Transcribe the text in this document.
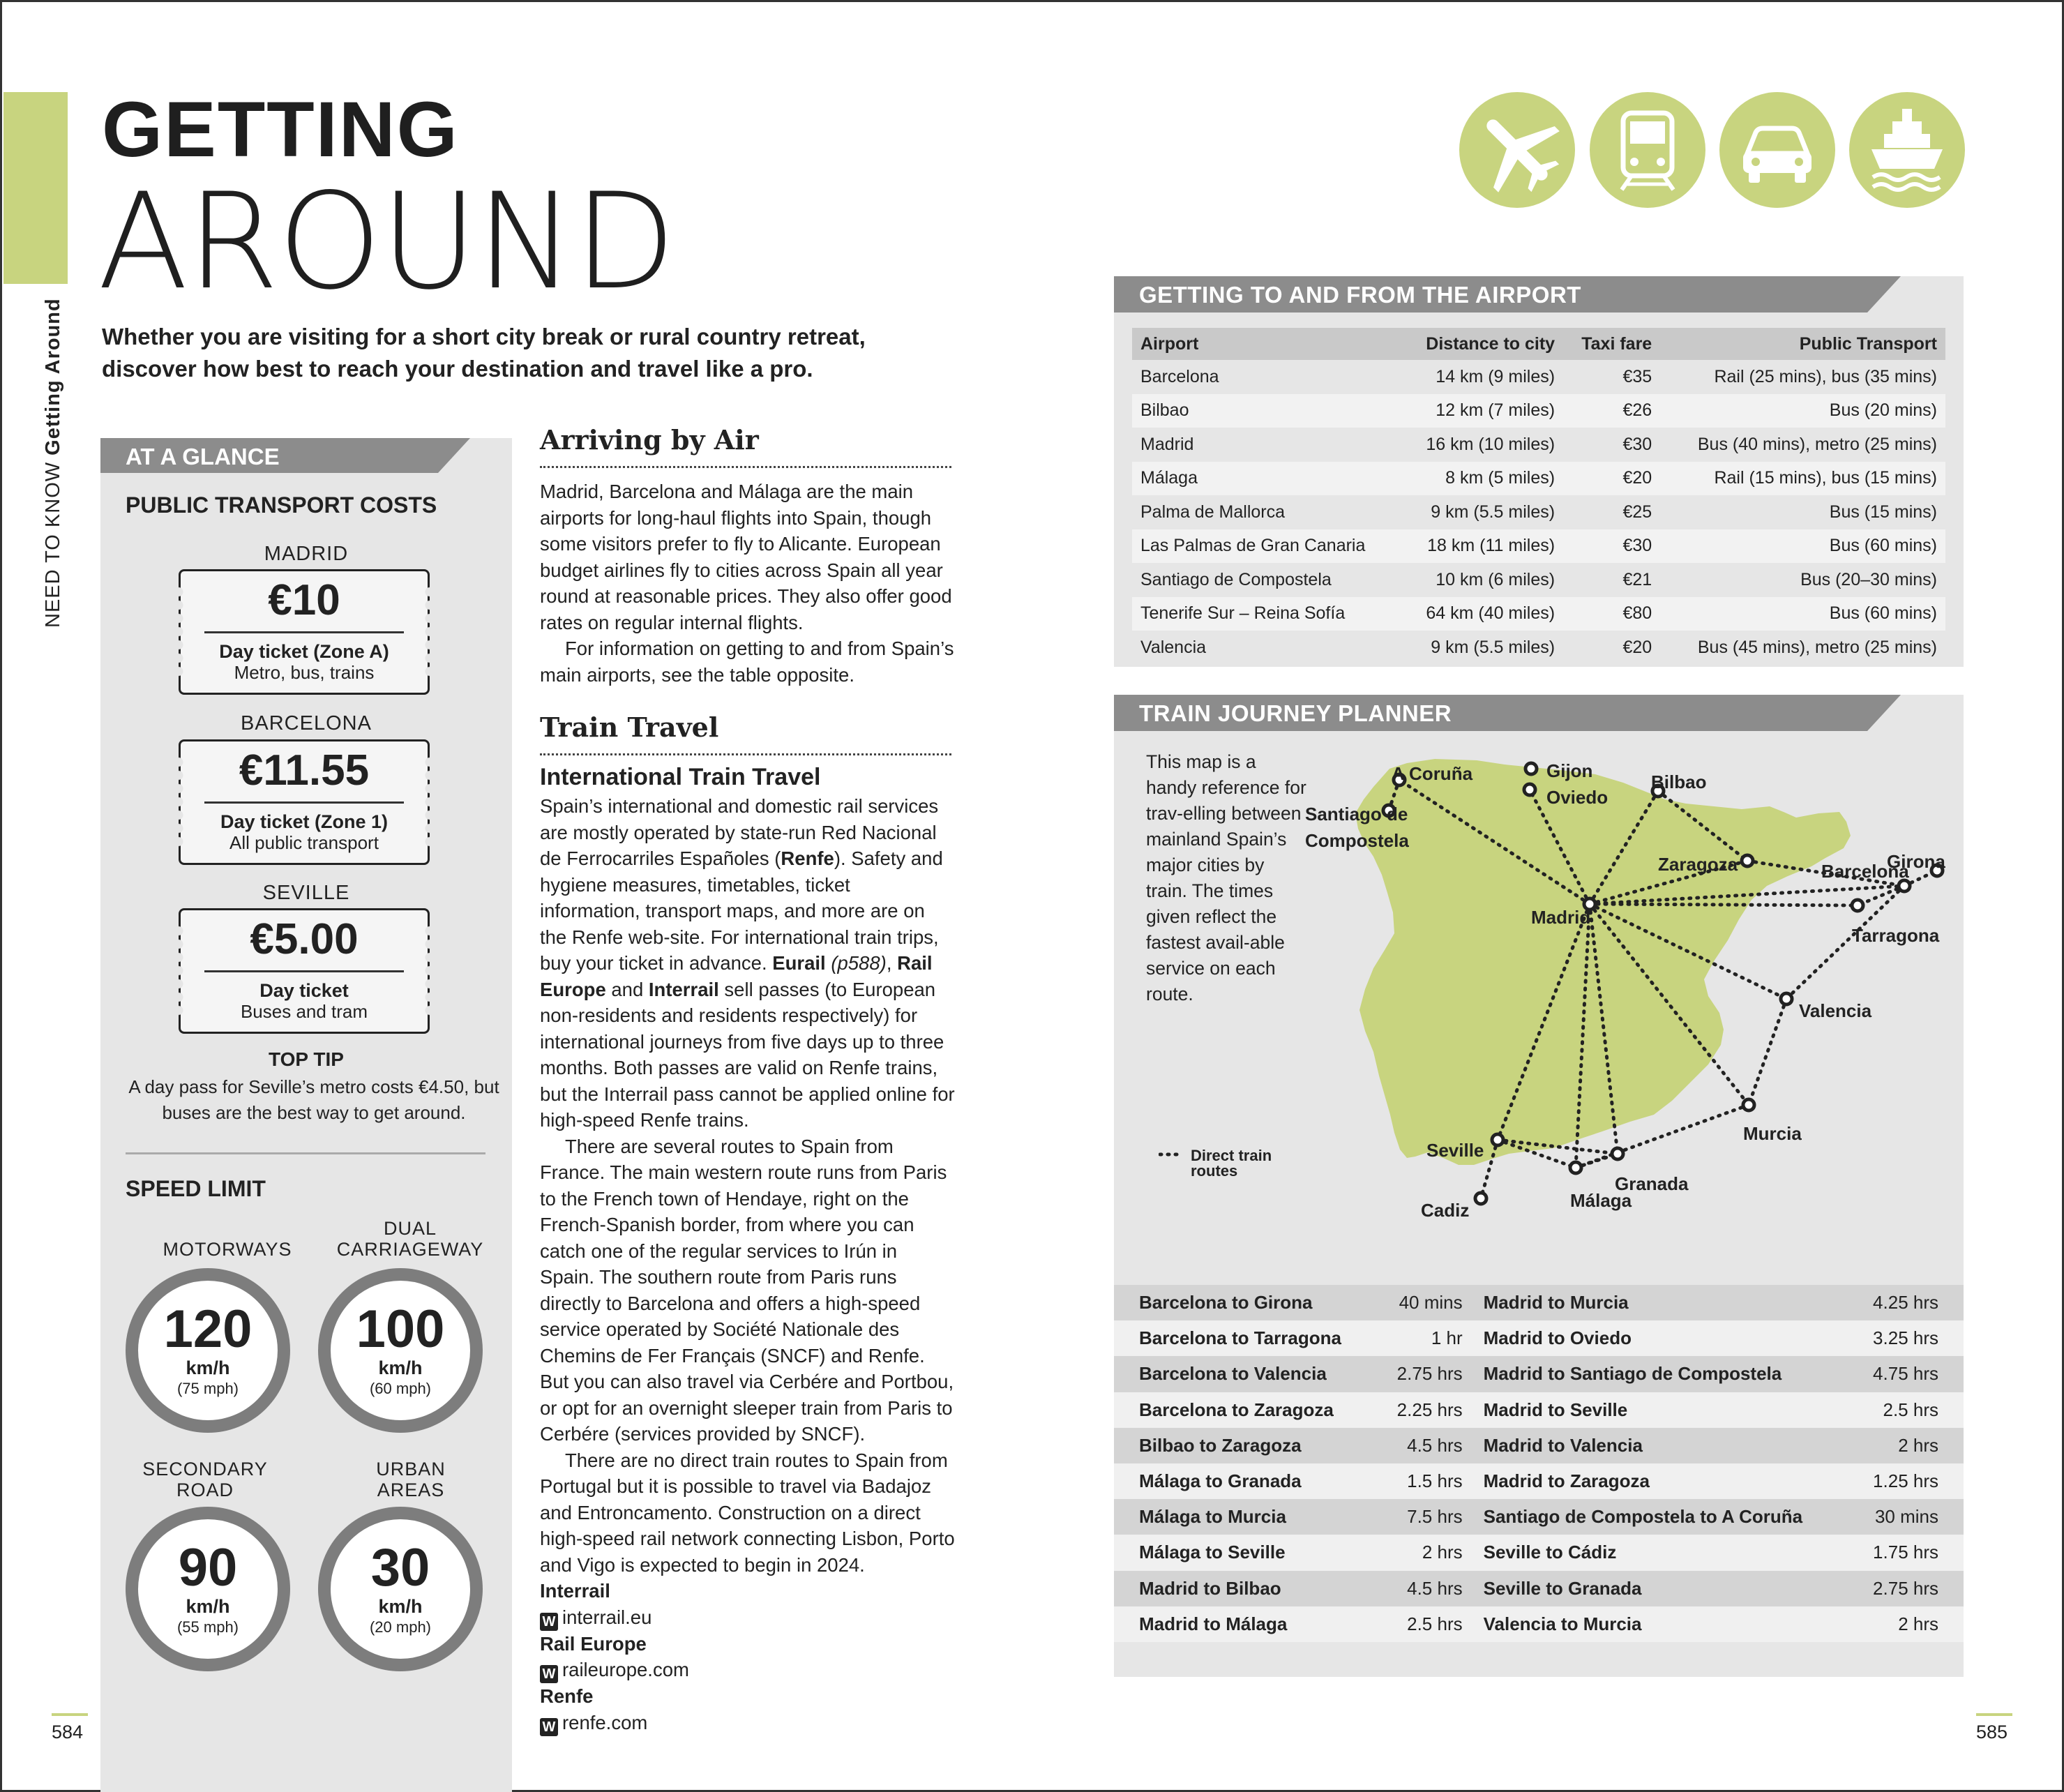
NEED TO KNOW Getting Around
GETTING
AROUND
Whether you are visiting for a short city break or rural country retreat, discover how best to reach your destination and travel like a pro.
AT A GLANCE
PUBLIC TRANSPORT COSTS
MADRID
€10
Day ticket (Zone A)
Metro, bus, trains
BARCELONA
€11.55
Day ticket (Zone 1)
All public transport
SEVILLE
€5.00
Day ticket
Buses and tram
TOP TIP
A day pass for Seville’s metro costs €4.50, but buses are the best way to get around.
SPEED LIMIT
MOTORWAYS
120
km/h
(75 mph)
DUAL CARRIAGEWAY
100
km/h
(60 mph)
SECONDARY ROAD
90
km/h
(55 mph)
URBAN AREAS
30
km/h
(20 mph)
Arriving by Air

Madrid, Barcelona and Málaga are the main airports for long-haul flights into Spain, though some visitors prefer to fly to Alicante. European budget airlines fly to cities across Spain all year round at reasonable prices. They also offer good rates on regular internal flights.

For information on getting to and from Spain’s main airports, see the table opposite.

Train Travel
International Train Travel

Spain’s international and domestic rail services are mostly operated by state-run Red Nacional de Ferrocarriles Españoles (Renfe). Safety and hygiene measures, timetables, ticket information, transport maps, and more are on the Renfe web-site. For international train trips, buy your ticket in advance. Eurail (p588), Rail Europe and Interrail sell passes (to European non-residents and residents respectively) for international journeys from five days up to three months. Both passes are valid on Renfe trains, but the Interrail pass cannot be applied online for high-speed Renfe trains.

There are several routes to Spain from France. The main western route runs from Paris to the French town of Hendaye, right on the French-Spanish border, from where you can catch one of the regular services to Irún in Spain. The southern route from Paris runs directly to Barcelona and offers a high-speed service operated by Société Nationale des Chemins de Fer Français (SNCF) and Renfe. But you can also travel via Cerbére and Portbou, or opt for an overnight sleeper train from Paris to Cerbére (services provided by SNCF).

There are no direct train routes to Spain from Portugal but it is possible to travel via Badajoz and Entroncamento. Construction on a direct high-speed rail network connecting Lisbon, Porto and Vigo is expected to begin in 2024.

Interrail

W interrail.eu

Rail Europe

W raileurope.com

Renfe

W renfe.com

584
GETTING TO AND FROM THE AIRPORT
Airport	Distance to city	Taxi fare	Public Transport
Barcelona	14 km (9 miles)	€35	Rail (25 mins), bus (35 mins)
Bilbao	12 km (7 miles)	€26	Bus (20 mins)
Madrid	16 km (10 miles)	€30	Bus (40 mins), metro (25 mins)
Málaga	8 km (5 miles)	€20	Rail (15 mins), bus (15 mins)
Palma de Mallorca	9 km (5.5 miles)	€25	Bus (15 mins)
Las Palmas de Gran Canaria	18 km (11 miles)	€30	Bus (60 mins)
Santiago de Compostela	10 km (6 miles)	€21	Bus (20–30 mins)
Tenerife Sur – Reina Sofía	64 km (40 miles)	€80	Bus (60 mins)
Valencia	9 km (5.5 miles)	€20	Bus (45 mins), metro (25 mins)
TRAIN JOURNEY PLANNER
This map is a handy reference for trav-elling between mainland Spain’s major cities by train. The times given reflect the fastest avail-able service on each route.
A Coruña	Gijon
Oviedo
Bilbao
Santiago de Compostela
Girona
Zaragoza	Barcelona
Madrid
Tarragona
Valencia
Murcia
Seville
Granada
Cadiz	Málaga
Direct train routes
Barcelona to Girona	40 mins	Madrid to Murcia	4.25 hrs
Barcelona to Tarragona	1 hr	Madrid to Oviedo	3.25 hrs
Barcelona to Valencia	2.75 hrs	Madrid to Santiago de Compostela	4.75 hrs
Barcelona to Zaragoza	2.25 hrs	Madrid to Seville	2.5 hrs
Bilbao to Zaragoza	4.5 hrs	Madrid to Valencia	2 hrs
Málaga to Granada	1.5 hrs	Madrid to Zaragoza	1.25 hrs
Málaga to Murcia	7.5 hrs	Santiago de Compostela to A Coruña	30 mins
Málaga to Seville	2 hrs	Seville to Cádiz	1.75 hrs
Madrid to Bilbao	4.5 hrs	Seville to Granada	2.75 hrs
Madrid to Málaga	2.5 hrs	Valencia to Murcia	2 hrs
585
